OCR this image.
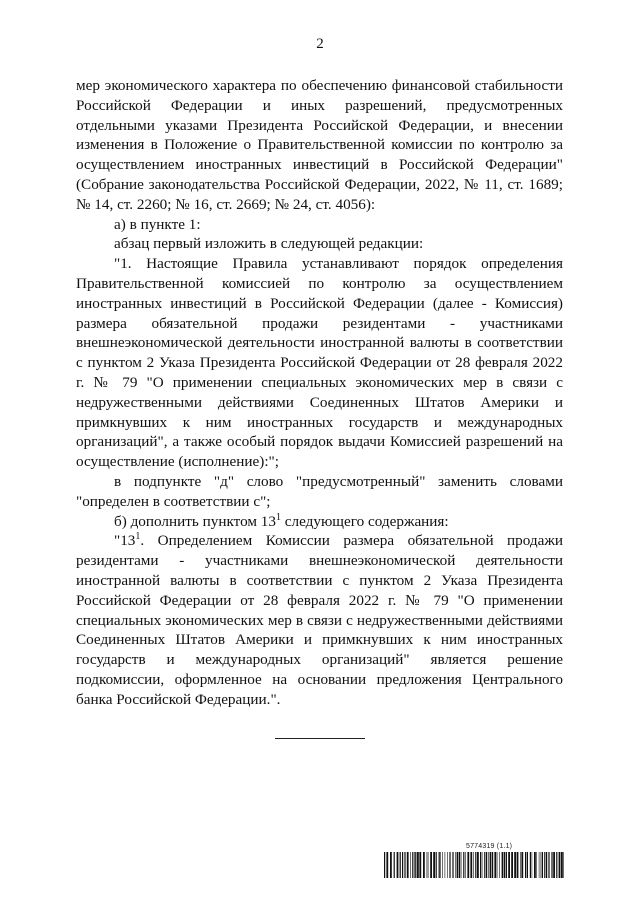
2

мер экономического характера по обеспечению финансовой стабильности Российской Федерации и иных разрешений, предусмотренных отдельными указами Президента Российской Федерации, и внесении изменения в Положение о Правительственной комиссии по контролю за осуществлением иностранных инвестиций в Российской Федерации" (Собрание законодательства Российской Федерации, 2022, № 11, ст. 1689; № 14, ст. 2260; № 16, ст. 2669; № 24, ст. 4056):

а) в пункте 1:

абзац первый изложить в следующей редакции:

"1. Настоящие Правила устанавливают порядок определения Правительственной комиссией по контролю за осуществлением иностранных инвестиций в Российской Федерации (далее - Комиссия) размера обязательной продажи резидентами - участниками внешнеэкономической деятельности иностранной валюты в соответствии с пунктом 2 Указа Президента Российской Федерации от 28 февраля 2022 г. № 79 "О применении специальных экономических мер в связи с недружественными действиями Соединенных Штатов Америки и примкнувших к ним иностранных государств и международных организаций", а также особый порядок выдачи Комиссией разрешений на осуществление (исполнение):";

в подпункте "д" слово "предусмотренный" заменить словами "определен в соответствии с";

б) дополнить пунктом $13^1$ следующего содержания:

"$13^1$. Определением Комиссии размера обязательной продажи резидентами - участниками внешнеэкономической деятельности иностранной валюты в соответствии с пунктом 2 Указа Президента Российской Федерации от 28 февраля 2022 г. № 79 "О применении специальных экономических мер в связи с недружественными действиями Соединенных Штатов Америки и примкнувших к ним иностранных государств и международных организаций" является решение подкомиссии, оформленное на основании предложения Центрального банка Российской Федерации.".

5774319 (1.1)
